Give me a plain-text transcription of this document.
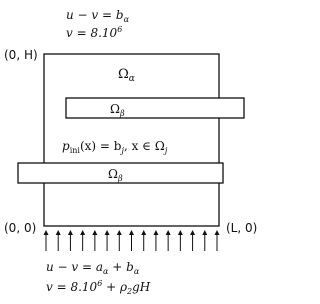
$u - v = b_\alpha$
$v = 8.10^6$
(0, H)
(0, 0)	(L, 0)
$\Omega_\alpha$
$\Omega_\beta$
$p_{ini}(x) = b_j$, x ∈ $\Omega_j$
$\Omega_\beta$
$u - v = a_\alpha + b_\alpha$
$v = 8.10^6 + \rho_2gH$
